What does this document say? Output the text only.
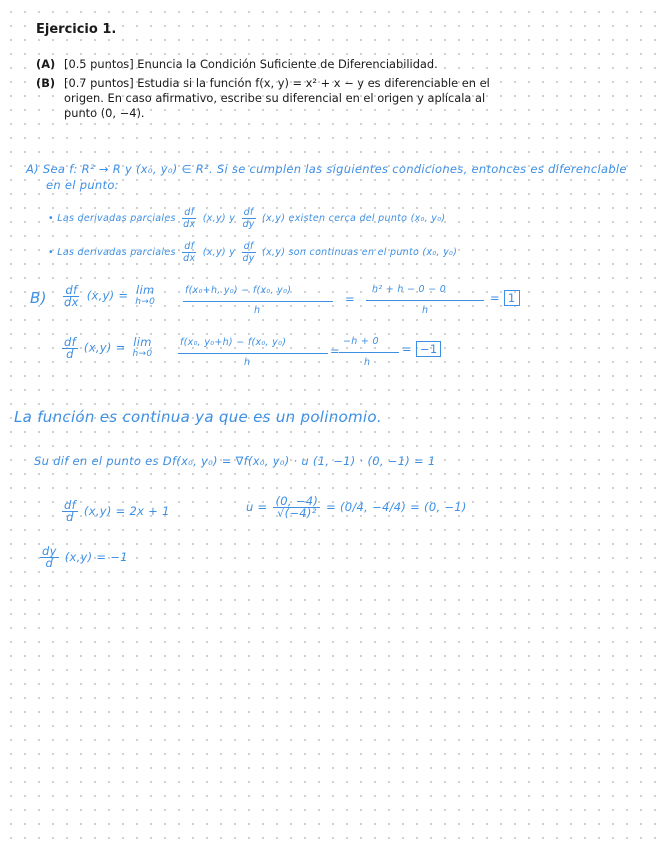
Ejercicio 1.
(A) [0.5 puntos] Enuncia la Condición Suficiente de Diferenciabilidad.
(B) [0.7 puntos] Estudia si la función f(x, y) = x² + x − y es diferenciable en el origen. En caso afirmativo, escribe su diferencial en el origen y aplícala al punto (0, −4).
A) Sea f: R² → R y (x₀, y₀) ∈ R². Si se cumplen las siguientes condiciones, entonces es diferenciable
en el punto:
• Las derivadas parciales $\frac{df}{dx} (x,y)$ y $\frac{df}{dy} (x,y)$ existen cerca del punto (x₀, y₀)
• Las derivadas parciales $\frac{df}{dx} (x,y)$ y $\frac{df}{dy} (x,y)$ son continuas en el punto (x₀, y₀)
$B) \frac{df}{dx} (x,y) = \lim$
h→0
f(x₀+h, y₀) − f(x₀, y₀)
h
=
h² + h − 0 − 0
h
= 1
$\frac{df}{d} (x,y) = \lim$
h→0
f(x₀, y₀+h) − f(x₀, y₀)
h
=
−h + 0
h
= −1
La función es continua ya que es un polinomio.
Su dif en el punto es Df(x₀, y₀) = ∇f(x₀, y₀) · u (1, −1) · (0, −1) = 1
$\frac{df}{d} (x,y) = 2x + 1$	$u = \frac{(0, -4)}{\text{√(−4)²}} = (0/4$, −4/4) = (0, −1)
$\frac{dy}{d} (x,y) = -1$
